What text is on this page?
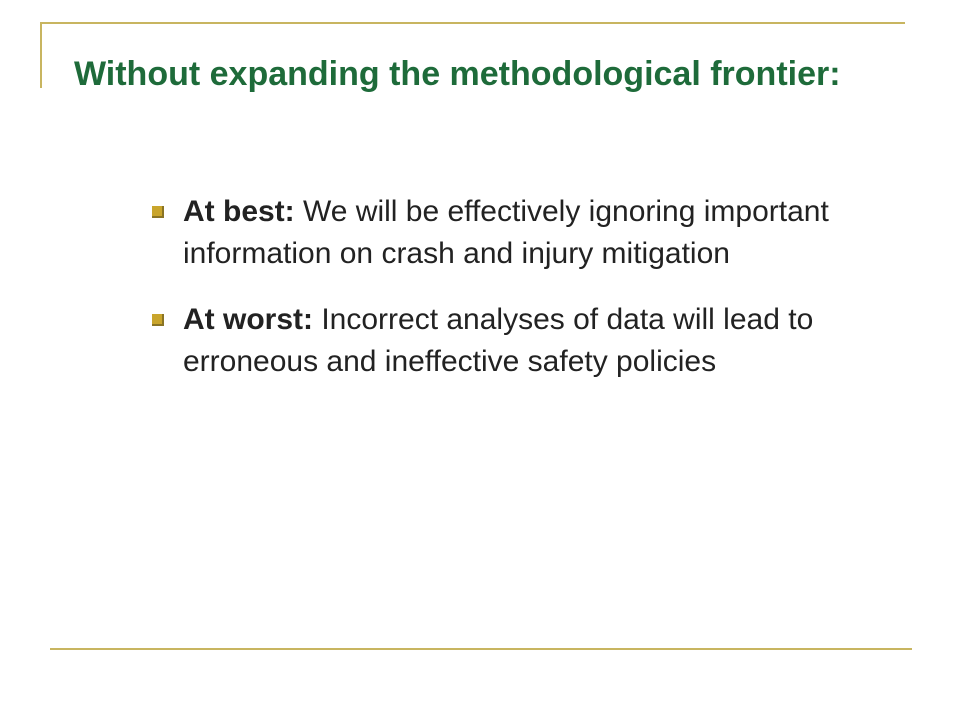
Without expanding the methodological frontier:
At best: We will be effectively ignoring important information on crash and injury mitigation
At worst: Incorrect analyses of data will lead to erroneous and ineffective safety policies
